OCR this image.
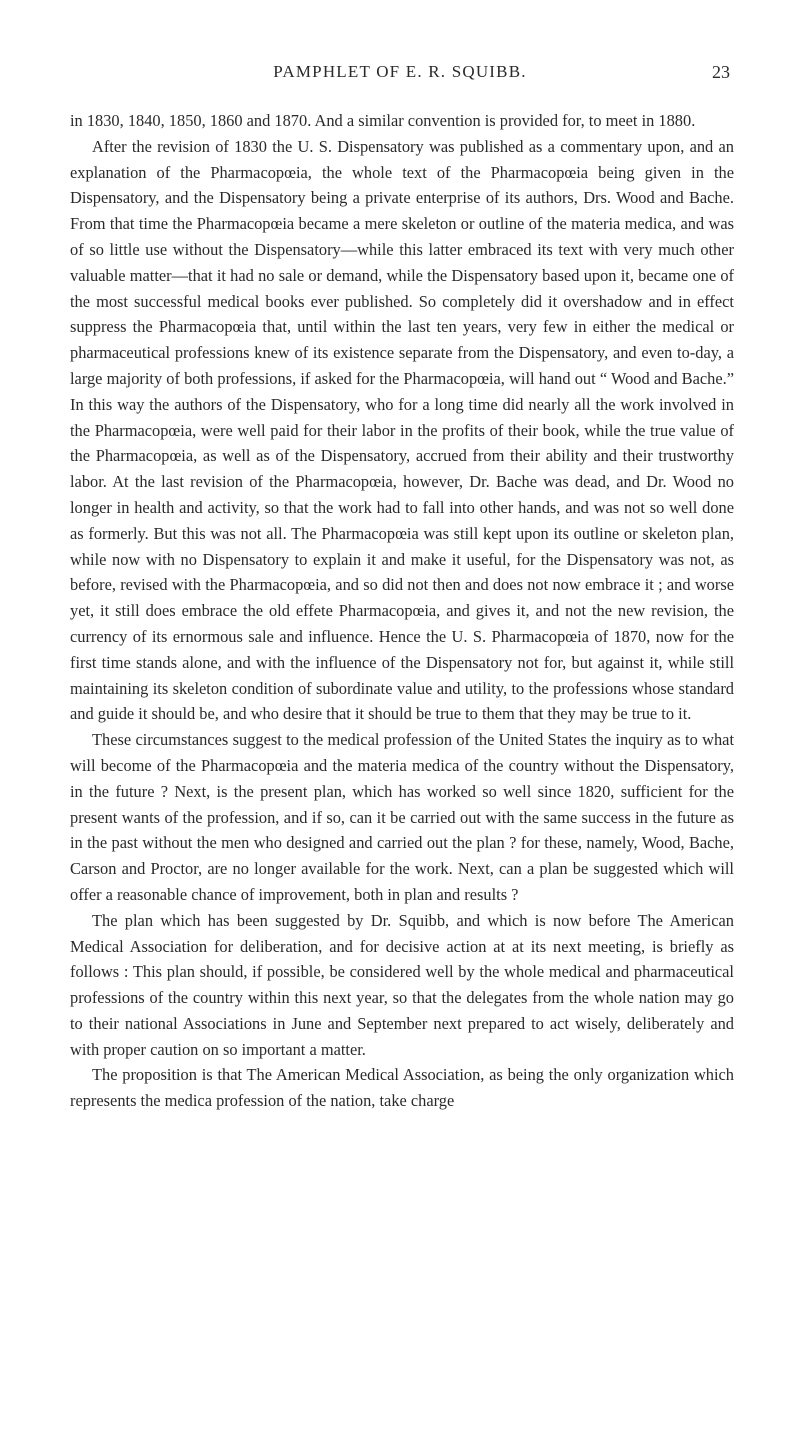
PAMPHLET OF E. R. SQUIBB.	23

in 1830, 1840, 1850, 1860 and 1870. And a similar convention is provided for, to meet in 1880.

After the revision of 1830 the U. S. Dispensatory was published as a commentary upon, and an explanation of the Pharmacopœia, the whole text of the Pharmacopœia being given in the Dispensatory, and the Dispensatory being a private enterprise of its authors, Drs. Wood and Bache. From that time the Pharmacopœia became a mere skeleton or outline of the materia medica, and was of so little use without the Dispensatory—while this latter embraced its text with very much other valuable matter—that it had no sale or demand, while the Dispensatory based upon it, became one of the most successful medical books ever published. So completely did it overshadow and in effect suppress the Pharmacopœia that, until within the last ten years, very few in either the medical or pharmaceutical professions knew of its existence separate from the Dispensatory, and even to-day, a large majority of both professions, if asked for the Pharmacopœia, will hand out “ Wood and Bache.” In this way the authors of the Dispensatory, who for a long time did nearly all the work involved in the Pharmacopœia, were well paid for their labor in the profits of their book, while the true value of the Pharmacopœia, as well as of the Dispensatory, accrued from their ability and their trustworthy labor. At the last revision of the Pharmacopœia, however, Dr. Bache was dead, and Dr. Wood no longer in health and activity, so that the work had to fall into other hands, and was not so well done as formerly. But this was not all. The Pharmacopœia was still kept upon its outline or skeleton plan, while now with no Dispensatory to explain it and make it useful, for the Dispensatory was not, as before, revised with the Pharmacopœia, and so did not then and does not now embrace it ; and worse yet, it still does embrace the old effete Pharmacopœia, and gives it, and not the new revision, the currency of its ernormous sale and influence. Hence the U. S. Pharmacopœia of 1870, now for the first time stands alone, and with the influence of the Dispensatory not for, but against it, while still maintaining its skeleton condition of subordinate value and utility, to the professions whose standard and guide it should be, and who desire that it should be true to them that they may be true to it.

These circumstances suggest to the medical profession of the United States the inquiry as to what will become of the Pharmacopœia and the materia medica of the country without the Dispensatory, in the future ? Next, is the present plan, which has worked so well since 1820, sufficient for the present wants of the profession, and if so, can it be carried out with the same success in the future as in the past without the men who designed and carried out the plan ? for these, namely, Wood, Bache, Carson and Proctor, are no longer available for the work. Next, can a plan be suggested which will offer a reasonable chance of improvement, both in plan and results ?

The plan which has been suggested by Dr. Squibb, and which is now before The American Medical Association for deliberation, and for decisive action at at its next meeting, is briefly as follows : This plan should, if possible, be considered well by the whole medical and pharmaceutical professions of the country within this next year, so that the delegates from the whole nation may go to their national Associations in June and September next prepared to act wisely, deliberately and with proper caution on so important a matter.

The proposition is that The American Medical Association, as being the only organization which represents the medica profession of the nation, take charge
